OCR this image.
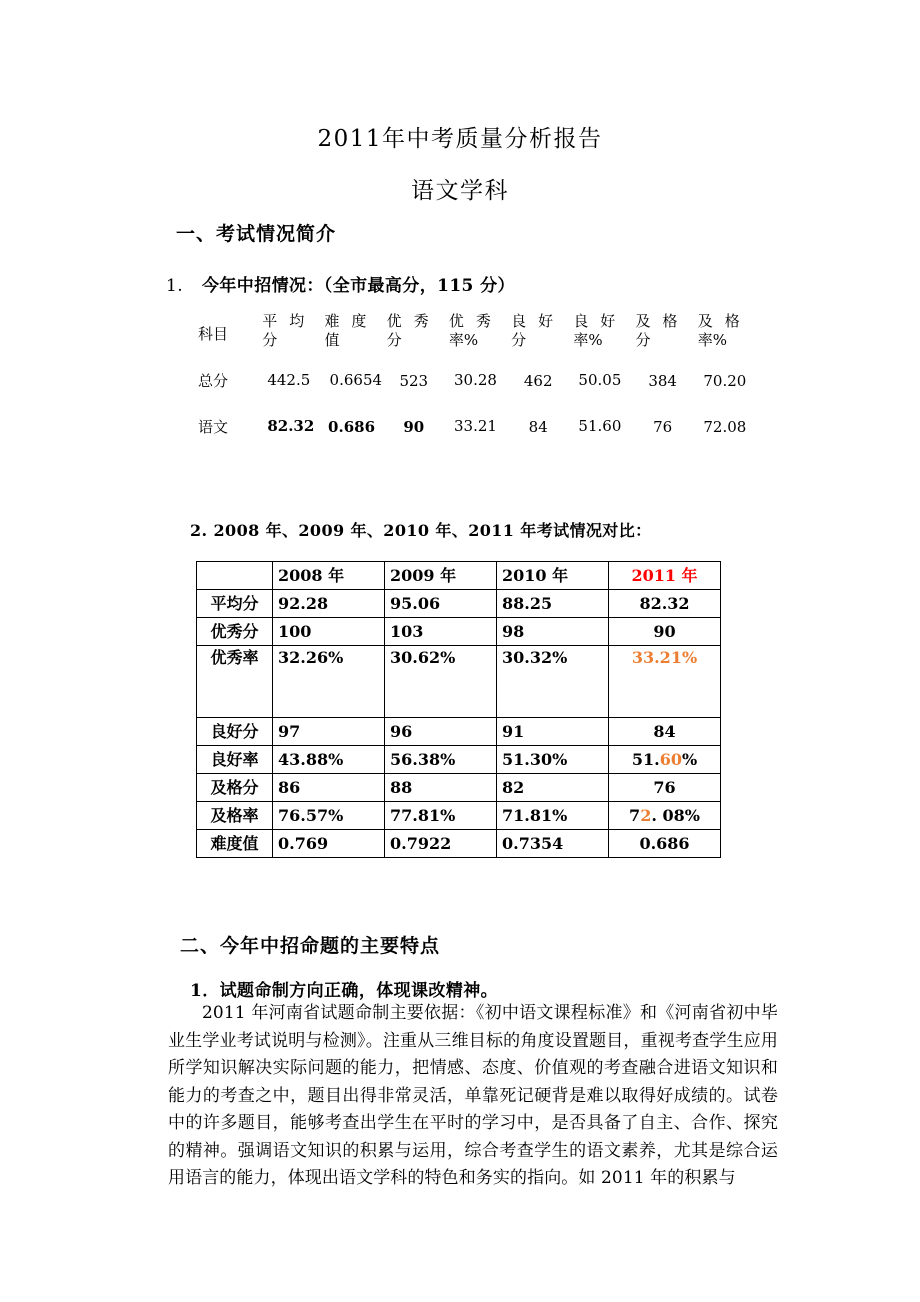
2011年中考质量分析报告
语文学科
一、考试情况简介
1. 今年中招情况：（全市最高分，115 分）
科目	平均分	难度值	优秀分	优秀率%	良好分	良好率%	及格分	及格率%

总分	442.5	0.6654	523	30.28	462	50.05	384	70.20
语文	82.32	0.686	90	33.21	84	51.60	76	72.08
2. 2008 年、2009 年、2010 年、2011 年考试情况对比：
	2008 年	2009 年	2010 年	2011 年
平均分	92.28	95.06	88.25	82.32
优秀分	100	103	98	90
优秀率	32.26%	30.62%	30.32%	33.21%
良好分	97	96	91	84
良好率	43.88%	56.38%	51.30%	51.60%
及格分	86	88	82	76
及格率	76.57%	77.81%	71.81%	72. 08%
难度值	0.769	0.7922	0.7354	0.686
二、今年中招命题的主要特点
1．试题命制方向正确，体现课改精神。
2011 年河南省试题命制主要依据：《初中语文课程标准》和《河南省初中毕业生学业考试说明与检测》。注重从三维目标的角度设置题目，重视考查学生应用所学知识解决实际问题的能力，把情感、态度、价值观的考查融合进语文知识和能力的考查之中，题目出得非常灵活，单靠死记硬背是难以取得好成绩的。试卷中的许多题目，能够考查出学生在平时的学习中，是否具备了自主、合作、探究的精神。强调语文知识的积累与运用，综合考查学生的语文素养，尤其是综合运用语言的能力，体现出语文学科的特色和务实的指向。如 2011 年的积累与
